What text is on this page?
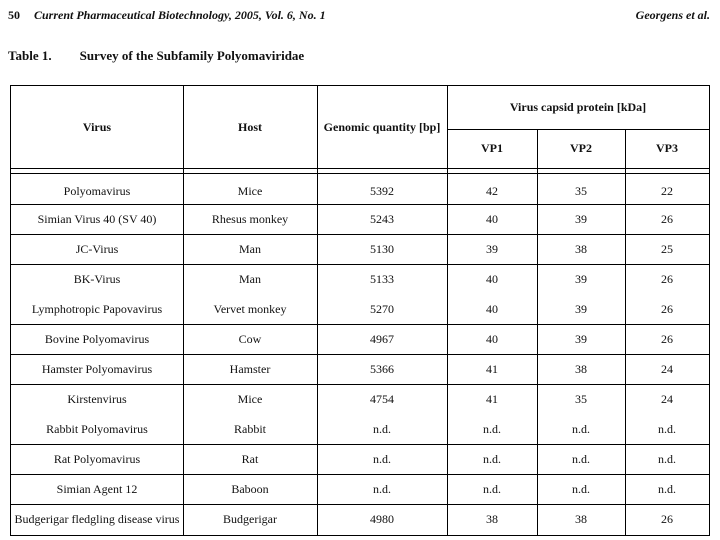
50 Current Pharmaceutical Biotechnology, 2005, Vol. 6, No. 1	Georgens et al.
Table 1. Survey of the Subfamily Polyomaviridae
Virus	Host	Genomic quantity [bp]
Virus capsid protein [kDa]
VP1	VP2	VP3
Polyomavirus	Mice	5392	42	35	22
Simian Virus 40 (SV 40)	Rhesus monkey	5243	40	39	26
JC-Virus	Man	5130	39	38	25
BK-Virus	Man	5133	40	39	26
Lymphotropic Papovavirus	Vervet monkey	5270	40	39	26
Bovine Polyomavirus	Cow	4967	40	39	26
Hamster Polyomavirus	Hamster	5366	41	38	24
Kirstenvirus	Mice	4754	41	35	24
Rabbit Polyomavirus	Rabbit	n.d.	n.d.	n.d.	n.d.
Rat Polyomavirus	Rat	n.d.	n.d.	n.d.	n.d.
Simian Agent 12	Baboon	n.d.	n.d.	n.d.	n.d.
Budgerigar fledgling disease virus	Budgerigar	4980	38	38	26
